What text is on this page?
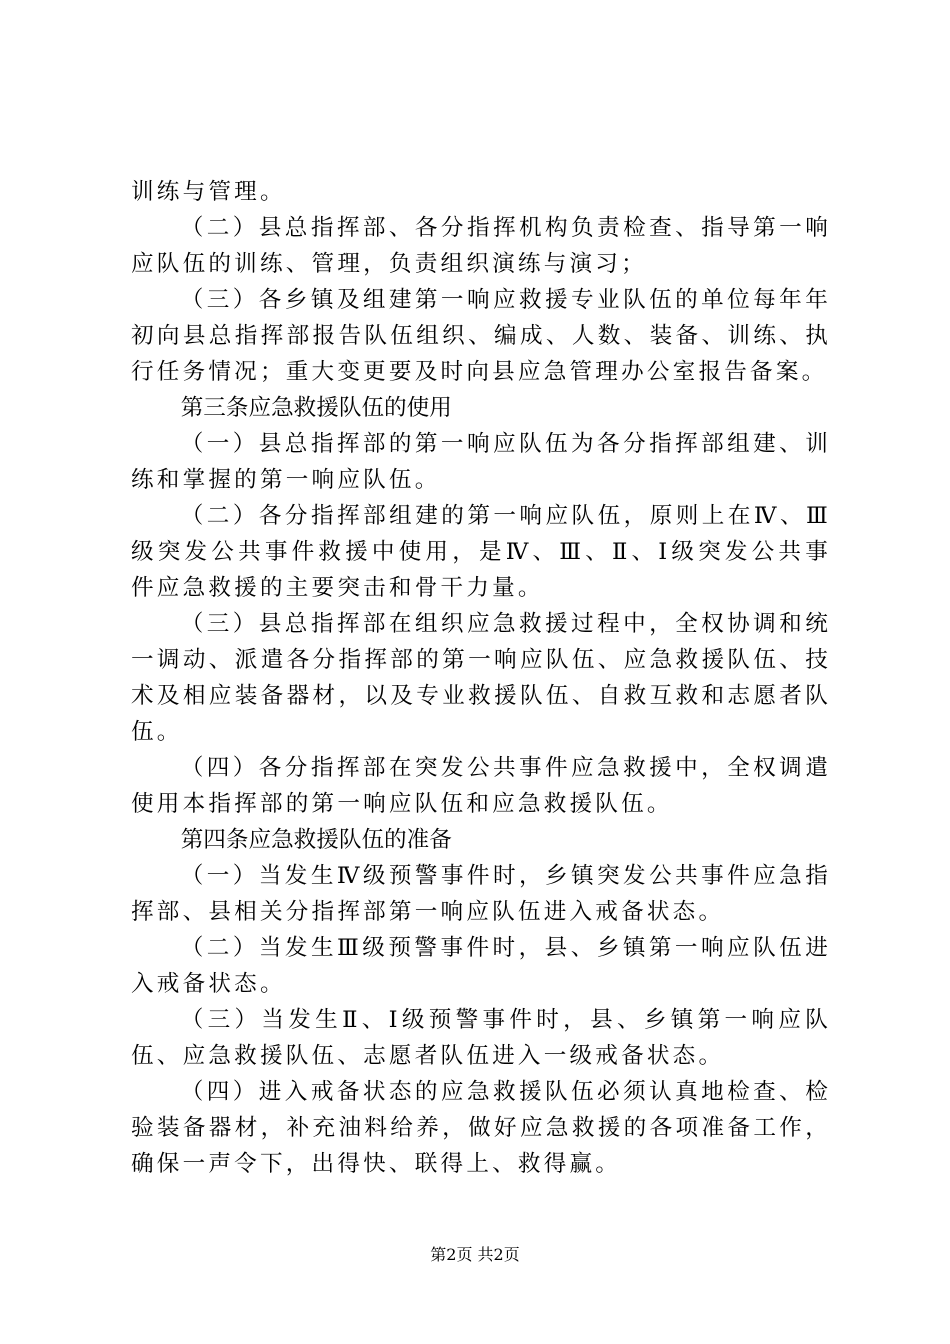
训练与管理。

（二）县总指挥部、各分指挥机构负责检查、指导第一响应队伍的训练、管理，负责组织演练与演习；

（三）各乡镇及组建第一响应救援专业队伍的单位每年年初向县总指挥部报告队伍组织、编成、人数、装备、训练、执行任务情况；重大变更要及时向县应急管理办公室报告备案。

第三条应急救援队伍的使用

（一）县总指挥部的第一响应队伍为各分指挥部组建、训练和掌握的第一响应队伍。

（二）各分指挥部组建的第一响应队伍，原则上在Ⅳ、Ⅲ级突发公共事件救援中使用，是Ⅳ、Ⅲ、Ⅱ、Ⅰ级突发公共事件应急救援的主要突击和骨干力量。

（三）县总指挥部在组织应急救援过程中，全权协调和统一调动、派遣各分指挥部的第一响应队伍、应急救援队伍、技术及相应装备器材，以及专业救援队伍、自救互救和志愿者队伍。

（四）各分指挥部在突发公共事件应急救援中，全权调遣使用本指挥部的第一响应队伍和应急救援队伍。

第四条应急救援队伍的准备

（一）当发生Ⅳ级预警事件时，乡镇突发公共事件应急指挥部、县相关分指挥部第一响应队伍进入戒备状态。

（二）当发生Ⅲ级预警事件时，县、乡镇第一响应队伍进入戒备状态。

（三）当发生Ⅱ、Ⅰ级预警事件时，县、乡镇第一响应队伍、应急救援队伍、志愿者队伍进入一级戒备状态。

（四）进入戒备状态的应急救援队伍必须认真地检查、检验装备器材，补充油料给养，做好应急救援的各项准备工作，确保一声令下，出得快、联得上、救得赢。

第2页 共2页
